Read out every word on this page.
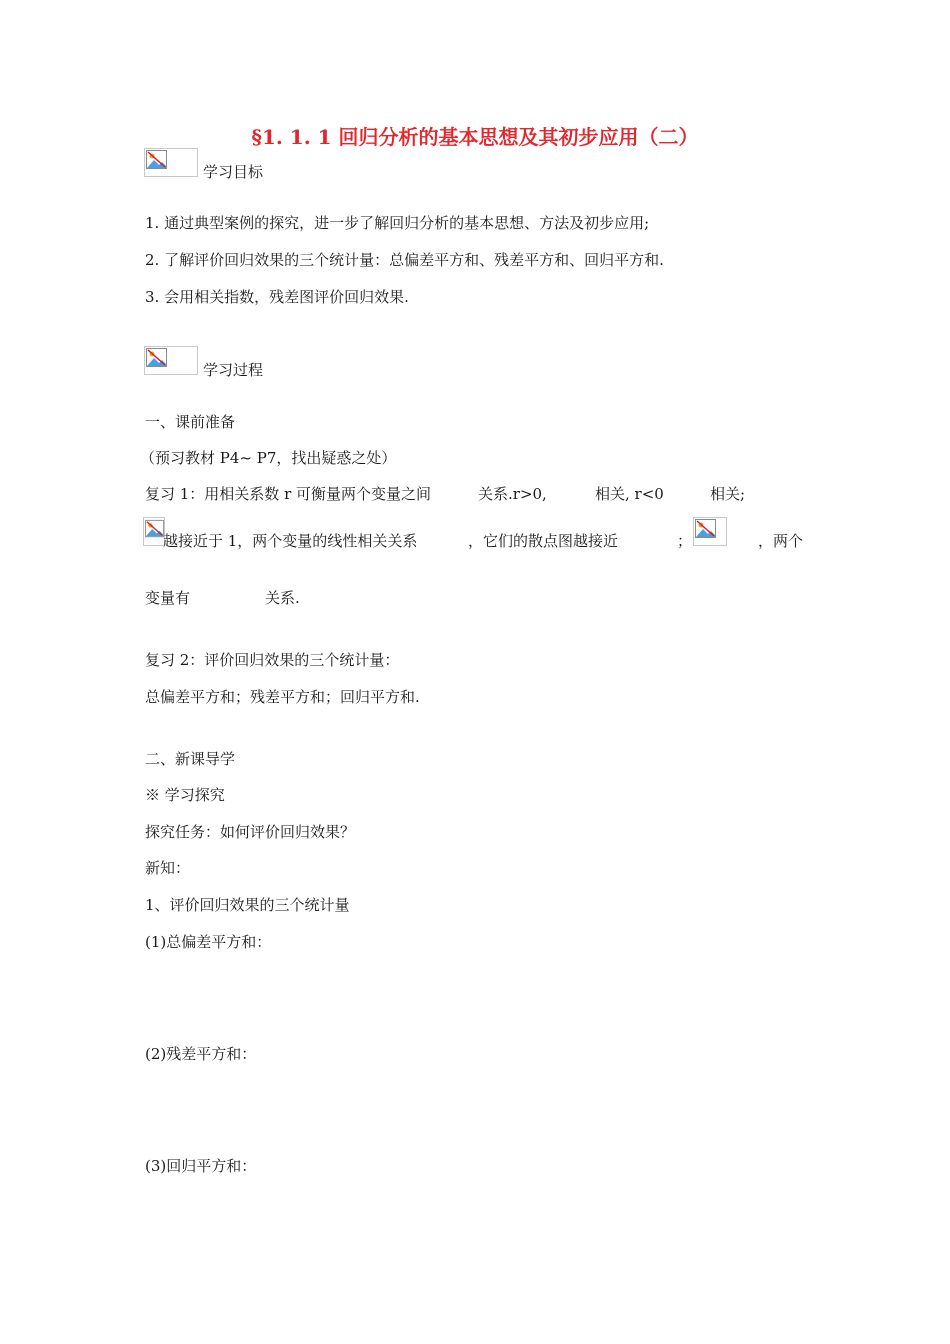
§1. 1. 1 回归分析的基本思想及其初步应用（二）
学习目标
1. 通过典型案例的探究，进一步了解回归分析的基本思想、方法及初步应用;
2. 了解评价回归效果的三个统计量：总偏差平方和、残差平方和、回归平方和.
3. 会用相关指数，残差图评价回归效果.
学习过程
一、课前准备
（预习教材 P4~ P7，找出疑惑之处）
复习 1：用相关系数 r 可衡量两个变量之间	关系.r>0,	相关, r<0	相关;
越接近于 1，两个变量的线性相关关系	，它们的散点图越接近	；	，两个
变量有	关系.
复习 2：评价回归效果的三个统计量：
总偏差平方和；残差平方和；回归平方和.
二、新课导学
※ 学习探究
探究任务：如何评价回归效果？
新知：
1、评价回归效果的三个统计量
(1)总偏差平方和：
(2)残差平方和：
(3)回归平方和：
